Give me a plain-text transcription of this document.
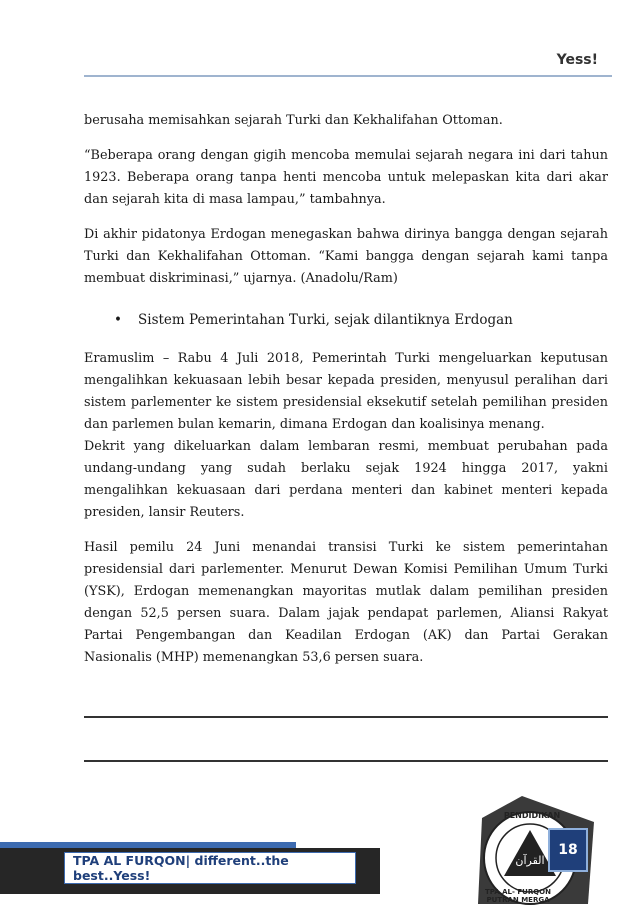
Yess!

berusaha memisahkan sejarah Turki dan Kekhalifahan Ottoman.

“Beberapa orang dengan gigih mencoba memulai sejarah negara ini dari tahun 1923. Beberapa orang tanpa henti mencoba untuk melepaskan kita dari akar dan sejarah kita di masa lampau,” tambahnya.

Di akhir pidatonya Erdogan menegaskan bahwa dirinya bangga dengan sejarah Turki dan Kekhalifahan Ottoman. “Kami bangga dengan sejarah kami tanpa membuat diskriminasi,” ujarnya. (Anadolu/Ram)

• Sistem Pemerintahan Turki, sejak dilantiknya Erdogan

Eramuslim – Rabu 4 Juli 2018, Pemerintah Turki mengeluarkan keputusan mengalihkan kekuasaan lebih besar kepada presiden, menyusul peralihan dari sistem parlementer ke sistem presidensial eksekutif setelah pemilihan presiden dan parlemen bulan kemarin, dimana Erdogan dan koalisinya menang.

Dekrit yang dikeluarkan dalam lembaran resmi, membuat perubahan pada undang-undang yang sudah berlaku sejak 1924 hingga 2017, yakni mengalihkan kekuasaan dari perdana menteri dan kabinet menteri kepada presiden, lansir Reuters.

Hasil pemilu 24 Juni menandai transisi Turki ke sistem pemerintahan presidensial dari parlementer. Menurut Dewan Komisi Pemilihan Umum Turki (YSK), Erdogan memenangkan mayoritas mutlak dalam pemilihan presiden dengan 52,5 persen suara. Dalam jajak pendapat parlemen, Aliansi Rakyat Partai Pengembangan dan Keadilan Erdogan (AK) dan Partai Gerakan Nasionalis (MHP) memenangkan 53,6 persen suara.

TPA AL FURQON| different..the best..Yess!
القرآن
PENDIDIKAN
TPA AL- FURQON
PUTRAN MERGA
18
